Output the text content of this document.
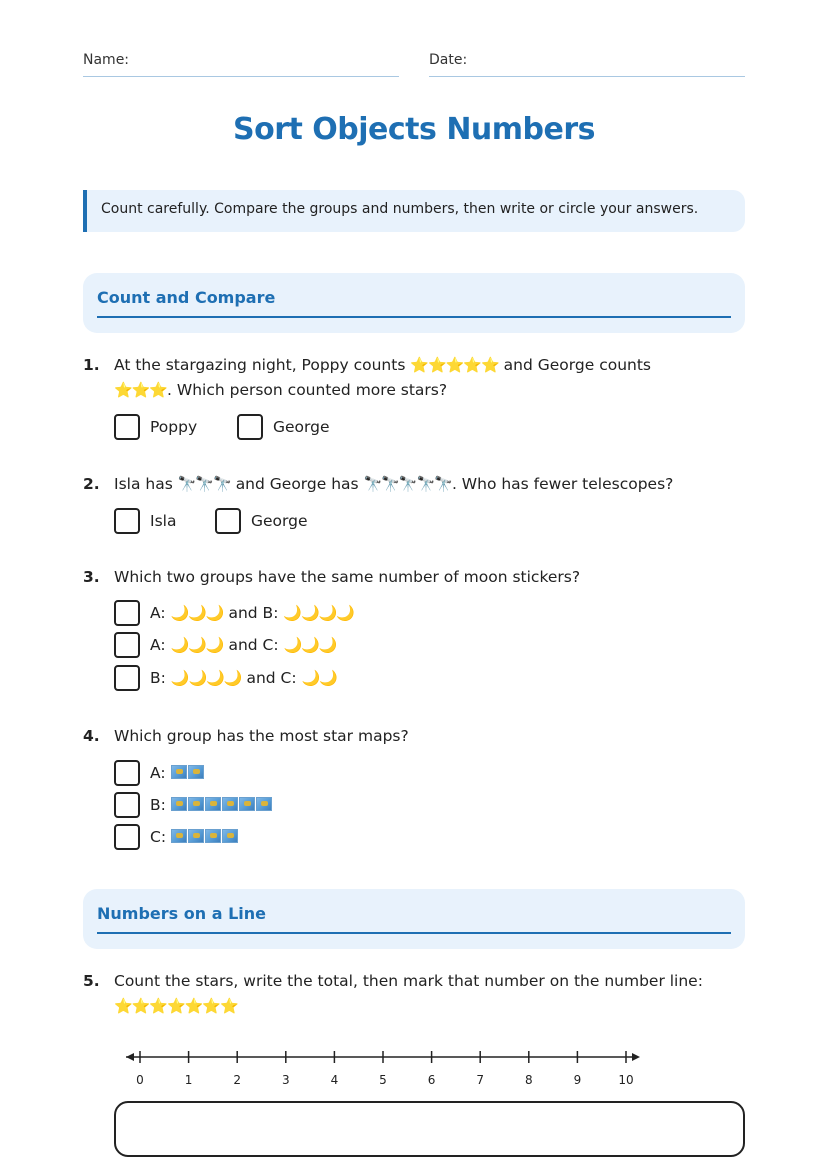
Name:	Date:
Sort Objects Numbers
Count carefully. Compare the groups and numbers, then write or circle your answers.
Count and Compare
1. At the stargazing night, Poppy counts ⭐⭐⭐⭐⭐ and George counts
⭐⭐⭐. Which person counted more stars?
Poppy	George
2. Isla has 🔭🔭🔭 and George has 🔭🔭🔭🔭🔭. Who has fewer telescopes?
Isla	George
3. Which two groups have the same number of moon stickers?
A: 🌙🌙🌙 and B: 🌙🌙🌙🌙
A: 🌙🌙🌙 and C: 🌙🌙🌙
B: 🌙🌙🌙🌙 and C: 🌙🌙
4. Which group has the most star maps?
A:
B:
C:
Numbers on a Line
5. Count the stars, write the total, then mark that number on the number line:
⭐⭐⭐⭐⭐⭐⭐
0	1	2	3	4	5	6	7	8	9	10
